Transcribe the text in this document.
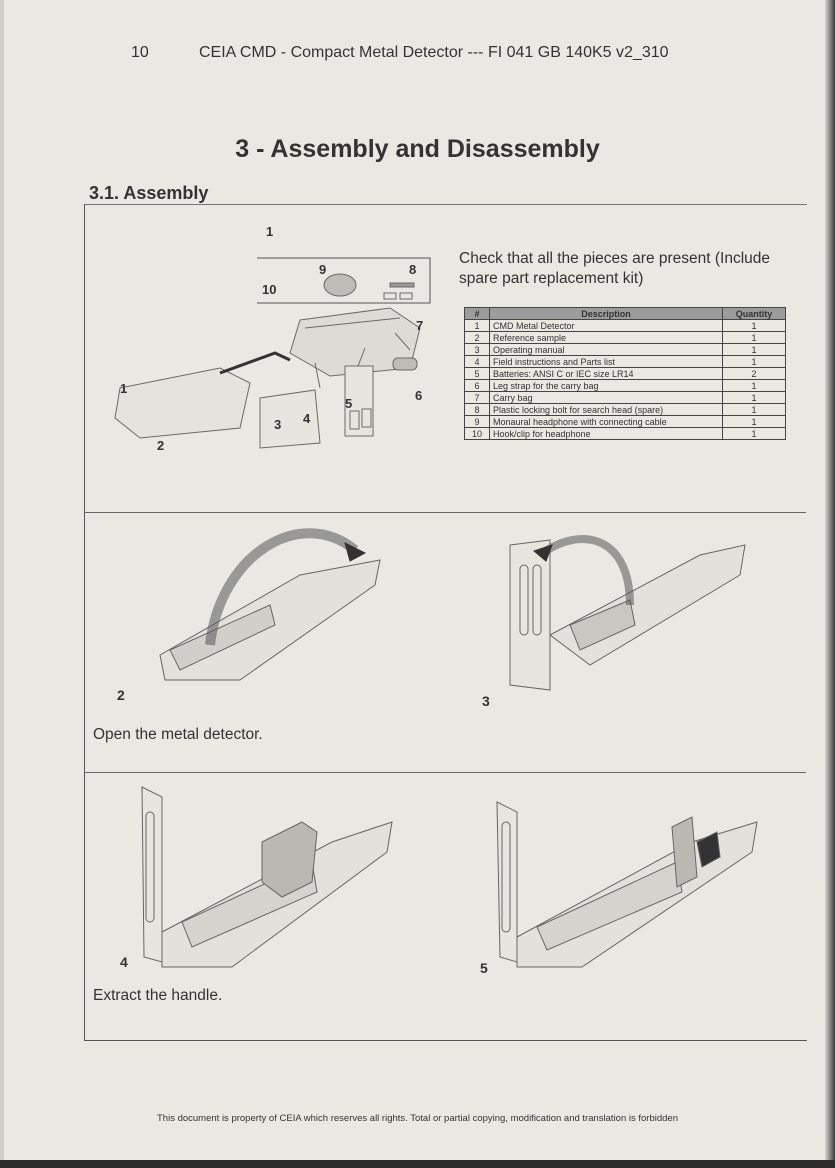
10	CEIA CMD - Compact Metal Detector --- FI 041 GB 140K5 v2_310
3 - Assembly and Disassembly
3.1. Assembly
1
1
2
3 4
5
6
7
8
9
10
Check that all the pieces are present (Include spare part replacement kit)
#	Description	Quantity
1	CMD Metal Detector	1
2	Reference sample	1
3	Operating manual	1
4	Field instructions and Parts list	1
5	Batteries: ANSI C or IEC size LR14	2
6	Leg strap for the carry bag	1
7	Carry bag	1
8	Plastic locking bolt for search head (spare)	1
9	Monaural headphone with connecting cable	1
10	Hook/clip for headphone	1
2	3
Open the metal detector.
4	5
Extract the handle.
This document is property of CEIA which reserves all rights. Total or partial copying, modification and translation is forbidden
